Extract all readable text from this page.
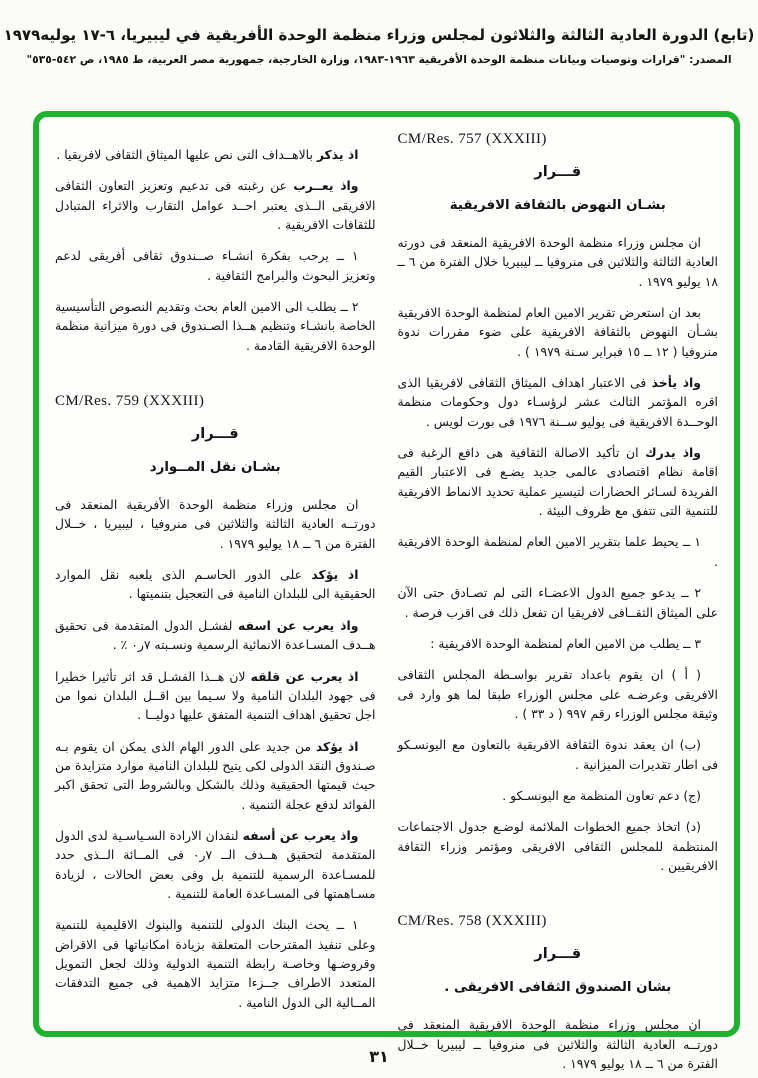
(تابع) الدورة العادية الثالثة والثلاثون لمجلس وزراء منظمة الوحدة الأفريقية في ليبيريا، ٦-١٧ يوليه١٩٧٩
المصدر: "قرارات وتوصيات وبيانات منظمة الوحدة الأفريقية ١٩٦٣-١٩٨٣، وزارة الخارجية، جمهورية مصر العربية، ط ١٩٨٥، ص ٥٤٢-٥٣٥"
CM/Res. 757 (XXXIII)
قـــرار
بشـان النهوض بالثقافة الافريقية
ان مجلس وزراء منظمة الوحدة الافريقية المنعقد فى دورته العادية الثالثة والثلاثين فى منروفيا ــ ليبيريا خلال الفترة من ٦ ــ ١٨ يوليو ١٩٧٩ .
بعد ان استعرض تقرير الامين العام لمنظمة الوحدة الافريقية بشـأن النهوض بالثقافة الافريقية على ضوء مقررات ندوة منروفيا ( ١٢ ــ ١٥ فبراير سـنة ١٩٧٩ ) .
واذ يأخذ فى الاعتبار اهداف الميثاق الثقافى لافريقيا الذى اقره المؤتمر الثالث عشر لرؤسـاء دول وحكومات منظمة الوحــدة الافريقية فى يوليو ســنة ١٩٧٦ فى بورت لويس .
واذ يدرك ان تأكيد الاصالة الثقافية هى دافع الرغبة فى اقامة نظام اقتصادى عالمى جديد يضـع فى الاعتبار القيم الفريدة لسـائر الحضارات لتيسير عملية تحديد الانماط الافريقية للتنمية التى تتفق مع ظروف البيئة .
١ ــ يحيط علما بتقرير الامين العام لمنظمة الوحدة الافريقية .
٢ ــ يدعو جميع الدول الاعضـاء التى لم تصـادق حتى الآن على الميثاق الثقــافى لافريقيا ان تفعل ذلك فى اقرب فرصة .
٣ ــ يطلب من الامين العام لمنظمة الوحدة الافريقية :
( أ ) ان يقوم باعداد تقرير بواسـطة المجلس الثقافى الافريقى وعرضـه على مجلس الوزراء طبقا لما هو وارد فى وثيقة مجلس الوزراء رقم ٩٩٧ ( د ٣٣ ) .
(ب) ان يعقد ندوة الثقافة الافريقية بالتعاون مع اليونسـكو فى اطار تقديرات الميزانية .
(ج) دعم تعاون المنظمة مع اليونسـكو .
(د) اتخاذ جميع الخطوات الملائمة لوضـع جدول الاجتماعات المنتظمة للمجلس الثقافى الافريقى ومؤتمر وزراء الثقافة الافريقيين .
CM/Res. 758 (XXXIII)
قـــرار
بشان الصندوق الثقافى الافريقى .
ان مجلس وزراء منظمة الوحدة الافريقية المنعقد فى دورتــه العادية الثالثة والثلاثين فى منروفيا ــ ليبيريا خــلال الفترة من ٦ ــ ١٨ يوليو ١٩٧٩ .
اذ يذكر بالاهــداف التى نص عليها الميثاق الثقافى لافريقيا .
واذ يعــرب عن رغبته فى تدعيم وتعزيز التعاون الثقافى الافريقى الــذى يعتبر احــد عوامل التقارب والاثراء المتبادل للثقافات الافريقية .
١ ــ يرحب بفكرة انشـاء صــندوق ثقافى أفريقى لدعم وتعزيز البحوث والبرامج الثقافية .
٢ ــ يطلب الى الامين العام بحث وتقديم النصوص التأسيسية الخاصة بانشـاء وتنظيم هــذا الصـندوق فى دورة ميزانية منظمة الوحدة الافريقية القادمة .
CM/Res. 759 (XXXIII)
قـــرار
بشـان نقل المــوارد
ان مجلس وزراء منظمة الوحدة الأفريقية المنعقد فى دورتــه العادية الثالثة والثلاثين فى منروفيا ، ليبيريا ، خــلال الفترة من ٦ ــ ١٨ يوليو ١٩٧٩ .
اذ يؤكد على الدور الحاسـم الذى يلعبه نقل الموارد الحقيقية الى للبلدان النامية فى التعجيل بتنميتها .
واذ يعرب عن اسفه لفشـل الدول المتقدمة فى تحقيق هــدف المسـاعدة الانمائية الرسمية ونسـبته ٧ر٠ ٪ .
اذ يعرب عن قلقه لان هــذا الفشـل قد اثر تأثيرا خطيرا فى جهود البلدان النامية ولا سـيما بين اقــل البلدان نموا من اجل تحقيق اهداف التنمية المتفق عليها دوليــا .
اذ يؤكد من جديد على الدور الهام الذى يمكن ان يقوم بـه صـندوق النقد الدولى لكى يتيح للبلدان النامية موارد متزايدة من حيث قيمتها الحقيقية وذلك بالشكل وبالشروط التى تحقق اكبر الفوائد لدفع عجلة التنمية .
واذ يعرب عن أسفه لنقدان الارادة السـياسـية لدى الدول المتقدمة لتحقيق هــدف الــ ٧ر٠ فى المــائة الــذى حدد للمسـاعدة الرسمية للتنمية بل وفى بعض الحالات ، لزيادة مسـاهمتها فى المسـاعدة العامة للتنمية .
١ ــ يحث البنك الدولى للتنمية والبنوك الاقليمية للتنمية وعلى تنفيذ المقترحات المتعلقة بزيادة امكانياتها فى الاقراض وقروضـها وخاصـة رابطة التنمية الدولية وذلك لجعل التمويل المتعدد الاطراف جــزءا متزايد الاهمية فى جميع التدفقات المــالية الى الدول النامية .
٣١
